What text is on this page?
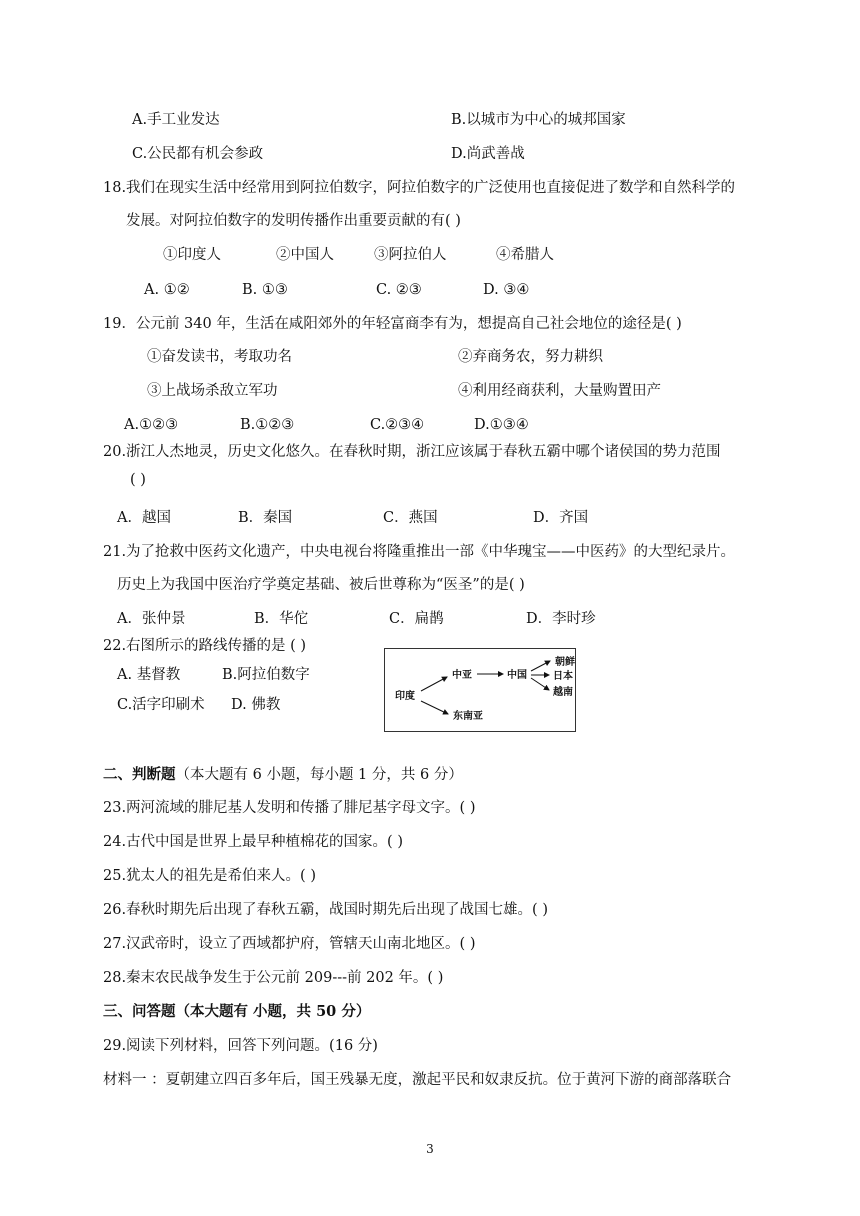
A.手工业发达	B.以城市为中心的城邦国家
C.公民都有机会参政	D.尚武善战
18.我们在现实生活中经常用到阿拉伯数字，阿拉伯数字的广泛使用也直接促进了数学和自然科学的
发展。对阿拉伯数字的发明传播作出重要贡献的有( )
①印度人	②中国人	③阿拉伯人	④希腊人
A. ①②	B. ①③	C. ②③	D. ③④
19．公元前 340 年，生活在咸阳郊外的年轻富商李有为，想提高自己社会地位的途径是( )
①奋发读书，考取功名	②弃商务农，努力耕织
③上战场杀敌立军功	④利用经商获利，大量购置田产
A.①②③	B.①②③	C.②③④	D.①③④
20.浙江人杰地灵，历史文化悠久。在春秋时期，浙江应该属于春秋五霸中哪个诸侯国的势力范围
( )
A．越国	B．秦国	C．燕国	D．齐国
21.为了抢救中医药文化遗产，中央电视台将隆重推出一部《中华瑰宝——中医药》的大型纪录片。
历史上为我国中医治疗学奠定基础、被后世尊称为“医圣”的是( )
A．张仲景	B．华佗	C．扁鹊	D．李时珍
22.右图所示的路线传播的是 ( )
A. 基督教	B.阿拉伯数字
C.活字印刷术 D. 佛教
印度
中亚	中国
东南亚
朝鲜
日本
越南
二、判断题（本大题有 6 小题，每小题 1 分，共 6 分）
23.两河流域的腓尼基人发明和传播了腓尼基字母文字。( )
24.古代中国是世界上最早种植棉花的国家。( )
25.犹太人的祖先是希伯来人。( )
26.春秋时期先后出现了春秋五霸，战国时期先后出现了战国七雄。( )
27.汉武帝时，设立了西域都护府，管辖天山南北地区。( )
28.秦末农民战争发生于公元前 209---前 202 年。( )
三、问答题（本大题有 小题，共 50 分）
29.阅读下列材料，回答下列问题。(16 分)
材料一 ：夏朝建立四百多年后，国王残暴无度，激起平民和奴隶反抗。位于黄河下游的商部落联合
3
